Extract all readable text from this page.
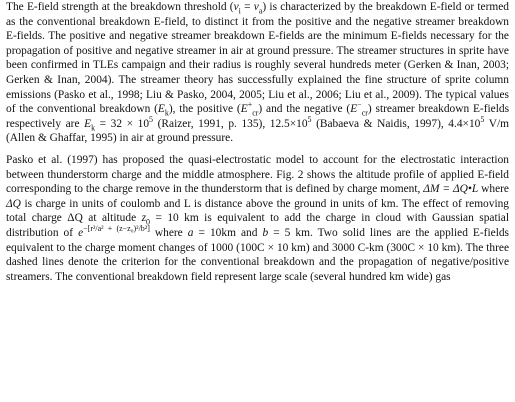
The E-field strength at the breakdown threshold $(v_i = v_a)$ is characterized by the breakdown E-field or termed as the conventional breakdown E-field, to distinct it from the positive and the negative streamer breakdown E-fields. The positive and negative streamer breakdown E-fields are the minimum E-fields necessary for the propagation of positive and negative streamer in air at ground pressure. The streamer structures in sprite have been confirmed in TLEs campaign and their radius is roughly several hundreds meter (Gerken & Inan, 2003; Gerken & Inan, 2004). The streamer theory has successfully explained the fine structure of sprite column emissions (Pasko et al., 1998; Liu & Pasko, 2004, 2005; Liu et al., 2006; Liu et al., 2009). The typical values of the conventional breakdown $(E_k)$, the positive $(E^+_{cr})$ and the negative $(E^-_{cr})$ streamer breakdown E-fields respectively are $E_k = 32 \times 10^5$ (Raizer, 1991, p. 135), $12.5\times 10^5$ (Babaeva & Naidis, 1997), $4.4\times 10^5$ V/m (Allen & Ghaffar, 1995) in air at ground pressure.

Pasko et al. (1997) has proposed the quasi-electrostatic model to account for the electrostatic interaction between thunderstorm charge and the middle atmosphere. Fig. 2 shows the altitude profile of applied E-field corresponding to the charge remove in the thunderstorm that is defined by charge moment, ΔM = ΔQ•L where ΔQ is charge in units of coulomb and L is distance above the ground in units of km. The effect of removing total charge ΔQ at altitude $z_0 = 10$ km is equivalent to add the charge in cloud with Gaussian spatial distribution of $e^{-[r^2/a^2 + (z-z_0)^2/b^2]}$ where a = 10km and b = 5 km. Two solid lines are the applied E-fields equivalent to the charge moment changes of 1000 (100C × 10 km) and 3000 C-km (300C × 10 km). The three dashed lines denote the criterion for the conventional breakdown and the propagation of negative/positive streamers. The conventional breakdown field represent large scale (several hundred km wide) gas
